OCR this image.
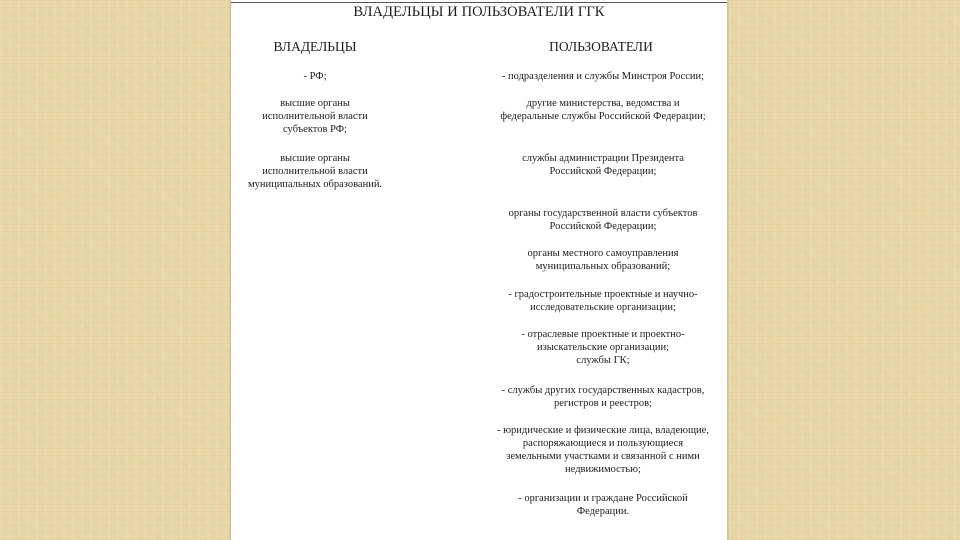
ВЛАДЕЛЬЦЫ И ПОЛЬЗОВАТЕЛИ ГГК
ВЛАДЕЛЬЦЫ	ПОЛЬЗОВАТЕЛИ
- РФ;
высшие органы
исполнительной власти
субъектов РФ;
высшие органы
исполнительной власти
муниципальных образований.
- подразделения и службы Минстроя России;
другие министерства, ведомства и
федеральные службы Российской Федерации;
службы администрации Президента
Российской Федерации;
органы государственной власти субъектов
Российской Федерации;
органы местного самоуправления
муниципальных образований;
- градостроительные проектные и научно-
исследовательские организации;
- отраслевые проектные и проектно-
изыскательские организации;
службы ГК;
- службы других государственных кадастров,
регистров и реестров;
- юридические и физические лица, владеющие,
распоряжающиеся и пользующиеся
земельными участками и связанной с ними
недвижимостью;
- организации и граждане Российской
Федерации.
